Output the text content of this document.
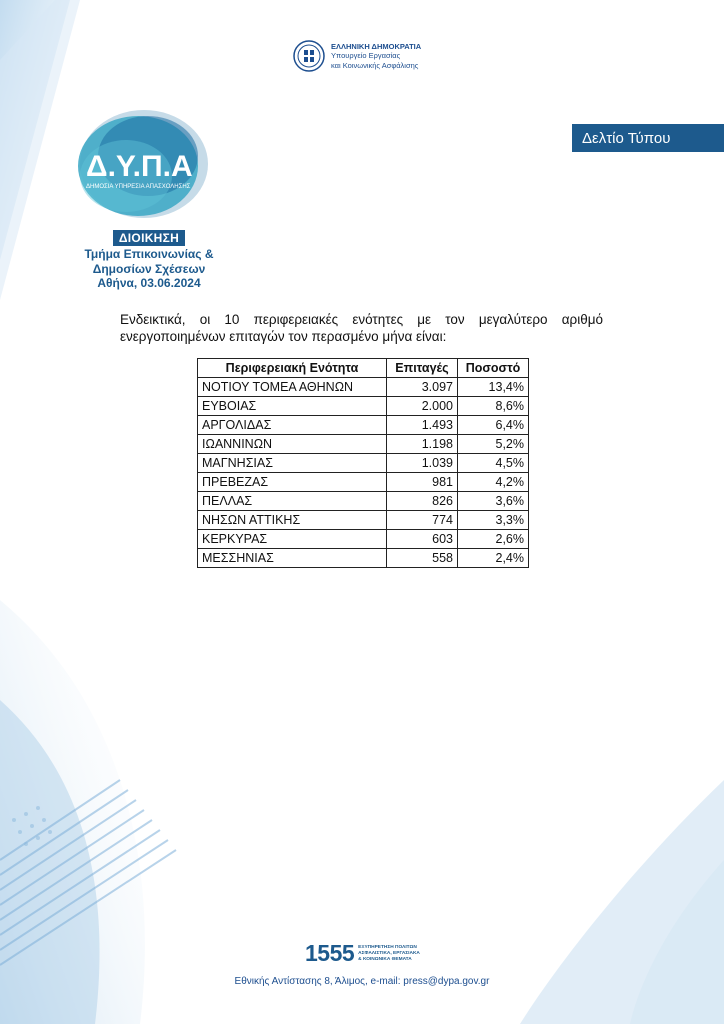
ΕΛΛΗΝΙΚΗ ΔΗΜΟΚΡΑΤΙΑ
Υπουργείο Εργασίας
και Κοινωνικής Ασφάλισης
Δ.Υ.Π.Α
ΔΗΜΟΣΙΑ ΥΠΗΡΕΣΙΑ ΑΠΑΣΧΟΛΗΣΗΣ
Δελτίο Τύπου
ΔΙΟΙΚΗΣΗ
Τμήμα Επικοινωνίας &
Δημοσίων Σχέσεων
Αθήνα, 03.06.2024
Ενδεικτικά, οι 10 περιφερειακές ενότητες με τον μεγαλύτερο αριθμό ενεργοποιημένων επιταγών τον περασμένο μήνα είναι:
Περιφερειακή Ενότητα	Επιταγές	Ποσοστό
ΝΟΤΙΟΥ ΤΟΜΕΑ ΑΘΗΝΩΝ	3.097	13,4%
ΕΥΒΟΙΑΣ	2.000	8,6%
ΑΡΓΟΛΙΔΑΣ	1.493	6,4%
ΙΩΑΝΝΙΝΩΝ	1.198	5,2%
ΜΑΓΝΗΣΙΑΣ	1.039	4,5%
ΠΡΕΒΕΖΑΣ	981	4,2%
ΠΕΛΛΑΣ	826	3,6%
ΝΗΣΩΝ ΑΤΤΙΚΗΣ	774	3,3%
ΚΕΡΚΥΡΑΣ	603	2,6%
ΜΕΣΣΗΝΙΑΣ	558	2,4%
1555 ΕΞΥΠΗΡΕΤΗΣΗ ΠΟΛΙΤΩΝ
ΑΣΦΑΛΙΣΤΙΚΑ, ΕΡΓΑΣΙΑΚΑ
& ΚΟΙΝΩΝΙΚΑ ΘΕΜΑΤΑ
Εθνικής Αντίστασης 8, Άλιμος, e-mail: press@dypa.gov.gr
